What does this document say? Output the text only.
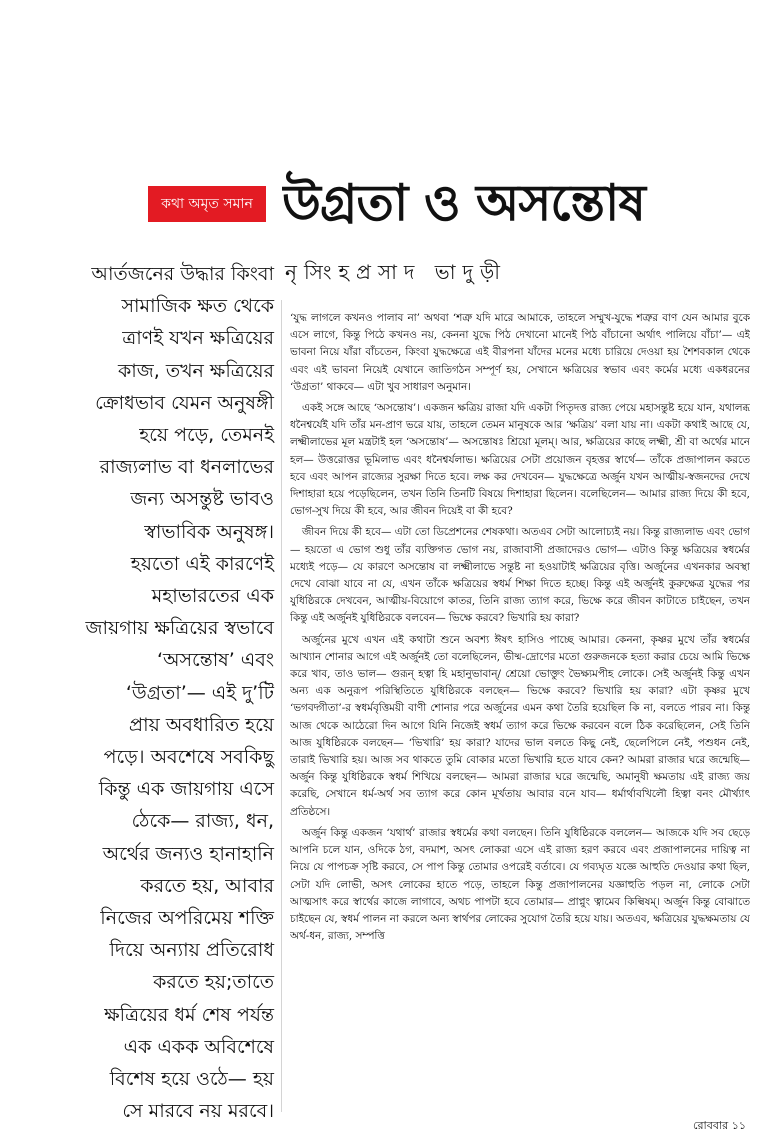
কথা অমৃত সমান উগ্রতা ও অসন্তোষ
নৃসিংহপ্রসাদ ভাদুড়ী
আর্তজনের উদ্ধার কিংবা
সামাজিক ক্ষত থেকে
ত্রাণই যখন ক্ষত্রিয়ের
কাজ, তখন ক্ষত্রিয়ের
ক্রোধভাব যেমন অনুষঙ্গী
হয়ে পড়ে, তেমনই
রাজ্যলাভ বা ধনলাভের
জন্য অসন্তুষ্ট ভাবও
স্বাভাবিক অনুষঙ্গ।
হয়তো এই কারণেই
মহাভারতের এক
জায়গায় ক্ষত্রিয়ের স্বভাবে
‘অসন্তোষ’ এবং
‘উগ্রতা’— এই দু’টি
প্রায় অবধারিত হয়ে
পড়ে। অবশেষে সবকিছু
কিন্তু এক জায়গায় এসে
ঠেকে— রাজ্য, ধন,
অর্থের জন্যও হানাহানি
করতে হয়, আবার
নিজের অপরিমেয় শক্তি
দিয়ে অন্যায় প্রতিরোধ
করতে হয়;তাতে
ক্ষত্রিয়ের ধর্ম শেষ পর্যন্ত
এক একক অবিশেষে
বিশেষ হয়ে ওঠে— হয়
সে মারবে নয় মরবে।

‘যুদ্ধ লাগলে কখনও পালাব না’ অথবা ‘শত্রু যদি মারে আমাকে, তাহলে সম্মুখ-যুদ্ধে শত্রুর বাণ যেন আমার বুকে এসে লাগে, কিন্তু পিঠে কখনও নয়, কেননা যুদ্ধে পিঠ দেখানো মানেই পিঠ বাঁচানো অর্থাৎ পালিয়ে বাঁচা’— এই ভাবনা নিয়ে যাঁরা বাঁচতেন, কিংবা যুদ্ধক্ষেত্রে এই বীরপনা যাঁদের মনের মধ্যে চারিয়ে দেওয়া হয় শৈশবকাল থেকে এবং এই ভাবনা নিয়েই যেখানে জাতিগঠন সম্পূর্ণ হয়, সেখানে ক্ষত্রিয়ের স্বভাব এবং কর্মের মধ্যে একধরনের ‘উগ্রতা’ থাকবে— এটা খুব সাধারণ অনুমান।

একই সঙ্গে আছে ‘অসন্তোষ’। একজন ক্ষত্রিয় রাজা যদি একটা পিতৃদত্ত রাজ্য পেয়ে মহাসন্তুষ্ট হয়ে যান, যথালব্ধ ধনৈশ্বর্যেই যদি তাঁর মন-প্রাণ ভরে যায়, তাহলে তেমন মানুষকে আর ‘ক্ষত্রিয়’ বলা যায় না। একটা কথাই আছে যে, লক্ষ্মীলাভের মূল মন্ত্রটাই হল ‘অসন্তোষ’— অসন্তোষঃ শ্রিয়ো মূলম্। আর, ক্ষত্রিয়ের কাছে লক্ষ্মী, শ্রী বা অর্থের মানে হল— উত্তরোত্তর ভূমিলাভ এবং ধনৈশ্বর্যলাভ। ক্ষত্রিয়ের সেটা প্রয়োজন বৃহত্তর স্বার্থে— তাঁকে প্রজাপালন করতে হবে এবং আপন রাজ্যের সুরক্ষা দিতে হবে। লক্ষ কর দেখবেন— যুদ্ধক্ষেত্রে অর্জুন যখন আত্মীয়-স্বজনদের দেখে দিশাহারা হয়ে পড়েছিলেন, তখন তিনি তিনটি বিষয়ে দিশাহারা ছিলেন। বলেছিলেন— আমার রাজ্য দিয়ে কী হবে, ভোগ-সুখ দিয়ে কী হবে, আর জীবন দিয়েই বা কী হবে?

জীবন দিয়ে কী হবে— এটা তো ডিপ্রেশনের শেষকথা। অতএব সেটা আলোচ্যই নয়। কিন্তু রাজ্যলাভ এবং ভোগ— হয়তো এ ভোগ শুধু তাঁর ব্যক্তিগত ভোগ নয়, রাজাবাসী প্রজাদেরও ভোগ— এটাও কিন্তু ক্ষত্রিয়ের স্বধর্মের মধ্যেই পড়ে— যে কারণে অসন্তোষ বা লক্ষ্মীলাভে সন্তুষ্ট না হওয়াটাই ক্ষত্রিয়ের বৃত্তি। অর্জুনের এখনকার অবস্থা দেখে বোঝা যাবে না যে, এখন তাঁকে ক্ষত্রিয়ের স্বধর্ম শিক্ষা দিতে হচ্ছে। কিন্তু এই অর্জুনই কুরুক্ষেত্র যুদ্ধের পর যুধিষ্ঠিরকে দেখবেন, আত্মীয়-বিয়োগে কাতর, তিনি রাজ্য ত্যাগ করে, ভিক্ষে করে জীবন কাটাতে চাইছেন, তখন কিন্তু এই অর্জুনই যুধিষ্ঠিরকে বলবেন— ভিক্ষে করবে? ভিখারি হয় কারা?

অর্জুনের মুখে এখন এই কথাটা শুনে অবশ্য ঈষৎ হাসিও পাচ্ছে আমার। কেননা, কৃষ্ণর মুখে তাঁর স্বধর্মের আখ্যান শোনার আগে এই অর্জুনই তো বলেছিলেন, ভীষ্ম-দ্রোণের মতো গুরুজনকে হত্যা করার চেয়ে আমি ভিক্ষে করে খাব, তাও ভাল— গুরূন্ হত্বা হি মহানুভাবান্/ শ্রেয়ো ভোক্তুং ভৈক্ষ্যমপীহ লোকে। সেই অর্জুনই কিন্তু এখন অন্য এক অনুরূপ পরিস্থিতিতে যুধিষ্ঠিরকে বলছেন— ভিক্ষে করবে? ভিখারি হয় কারা? এটা কৃষ্ণর মুখে ‘ভগবদ্গীতা’-র স্বধর্মবৃত্তিময়ী বাণী শোনার পরে অর্জুনের এমন কথা তৈরি হয়েছিল কি না, বলতে পারব না। কিন্তু আজ থেকে আঠেরো দিন আগে যিনি নিজেই স্বধর্ম ত্যাগ করে ভিক্ষে করবেন বলে ঠিক করেছিলেন, সেই তিনি আজ যুধিষ্ঠিরকে বলছেন— ‘ভিখারি’ হয় কারা? যাদের ভাল বলতে কিছু নেই, ছেলেপিলে নেই, পশুধন নেই, তারাই ভিখারি হয়। আজ সব থাকতে তুমি বোকার মতো ভিখারি হতে যাবে কেন? আমরা রাজার ঘরে জন্মেছি— অর্জুন কিন্তু যুধিষ্ঠিরকে স্বধর্ম শিখিয়ে বলছেন— আমরা রাজার ঘরে জন্মেছি, অমানুষী ক্ষমতায় এই রাজ্য জয় করেছি, সেখানে ধর্ম-অর্থ সব ত্যাগ করে কোন মূর্খতায় আবার বনে যাব— ধর্মার্থাবখিলৌ হিত্বা বনং মৌর্খ্যাৎ প্রতিষ্ঠসে।

অর্জুন কিন্তু একজন ‘যথার্থ’ রাজার স্বধর্মের কথা বলছেন। তিনি যুধিষ্ঠিরকে বললেন— আজকে যদি সব ছেড়ে আপনি চলে যান, ওদিকে ঠগ, বদমাশ, অসৎ লোকরা এসে এই রাজ্য হরণ করবে এবং প্রজাপালনের দায়িত্ব না নিয়ে যে পাপচক্র সৃষ্টি করবে, সে পাপ কিন্তু তোমার ওপরেই বর্তাবে। যে গব্যঘৃত যজ্ঞে আহুতি দেওয়ার কথা ছিল, সেটা যদি লোভী, অসৎ লোকের হাতে পড়ে, তাহলে কিন্তু প্রজাপালনের যজ্ঞাহুতি পড়ল না, লোকে সেটা আত্মসাৎ করে স্বার্থের কাজে লাগাবে, অথচ পাপটা হবে তোমার— প্রাপ্নুং ত্বামেব কিল্বিষম্। অর্জুন কিন্তু বোঝাতে চাইছেন যে, স্বধর্ম পালন না করলে অন্য স্বার্থপর লোকের সুযোগ তৈরি হয়ে যায়। অতএব, ক্ষত্রিয়ের যুদ্ধক্ষমতায় যে অর্থ-ধন, রাজ্য, সম্পত্তি

রোববার ১১
